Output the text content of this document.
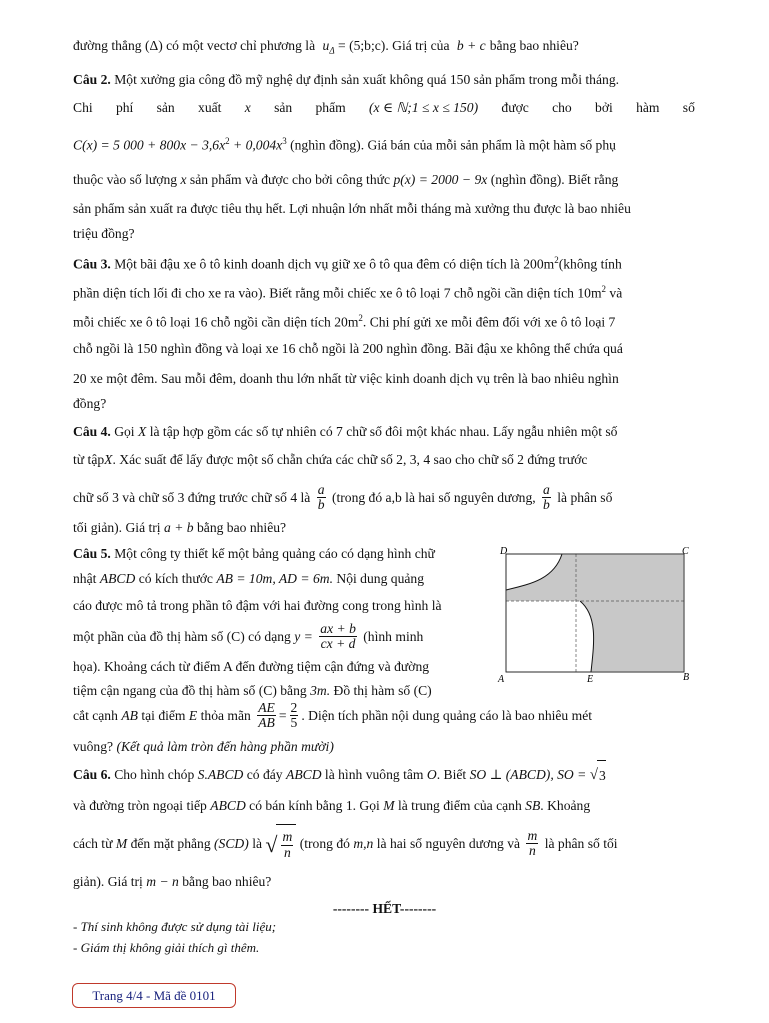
đường thẳng (Δ) có một vectơ chỉ phương là $u_\Delta$ = (5;b;c). Giá trị của b + c bằng bao nhiêu?
Câu 2. Một xưởng gia công đồ mỹ nghệ dự định sản xuất không quá 150 sản phẩm trong mỗi tháng.
Chi phí sản xuất x sản phẩm (x ∈ ℕ;1 ≤ x ≤ 150) được cho bởi hàm số
C(x) = 5 $000 + 800x - 3,6x^2 + 0,004x^3$ (nghìn đồng). Giá bán của mỗi sản phẩm là một hàm số phụ
thuộc vào số lượng x sản phẩm và được cho bởi công thức p(x) = 2000 − 9x (nghìn đồng). Biết rằng
sản phẩm sản xuất ra được tiêu thụ hết. Lợi nhuận lớn nhất mỗi tháng mà xưởng thu được là bao nhiêu
triệu đồng?
Câu 3. Một bãi đậu xe ô tô kinh doanh dịch vụ giữ xe ô tô qua đêm có diện tích là $200m^2(không$ tính
phần diện tích lối đi cho xe ra vào). Biết rằng mỗi chiếc xe ô tô loại 7 chỗ ngồi cần diện tích $10m^2$ và
mỗi chiếc xe ô tô loại 16 chỗ ngồi cần diện tích $20m^2$. Chi phí gửi xe mỗi đêm đối với xe ô tô loại 7
chỗ ngồi là 150 nghìn đồng và loại xe 16 chỗ ngồi là 200 nghìn đồng. Bãi đậu xe không thể chứa quá
20 xe một đêm. Sau mỗi đêm, doanh thu lớn nhất từ việc kinh doanh dịch vụ trên là bao nhiêu nghìn
đồng?
Câu 4. Gọi X là tập hợp gồm các số tự nhiên có 7 chữ số đôi một khác nhau. Lấy ngẫu nhiên một số
từ tậpX. Xác suất để lấy được một số chẵn chứa các chữ số 2, 3, 4 sao cho chữ số 2 đứng trước
chữ số 3 và chữ số 3 đứng trước chữ số 4 là $\frac{a}{b}$ (trong đó a,b là hai số nguyên dương, $\frac{a}{b}$ là phân số
tối giản). Giá trị a + b bằng bao nhiêu?
Câu 5. Một công ty thiết kế một bảng quảng cáo có dạng hình chữ
nhật ABCD có kích thước AB = 10m, AD = 6m. Nội dung quảng
cáo được mô tả trong phần tô đậm với hai đường cong trong hình là
một phần của đồ thị hàm số (C) có dạng $y = \frac{ax + b}{cx + d}$ (hình minh
họa). Khoảng cách từ điểm A đến đường tiệm cận đứng và đường
tiệm cận ngang của đồ thị hàm số (C) bằng 3m. Đồ thị hàm số (C)
cắt cạnh AB tại điểm E thỏa mãn $\frac{AE}{AB} = \frac{2}{5}$ . Diện tích phần nội dung quảng cáo là bao nhiêu mét
vuông? (Kết quả làm tròn đến hàng phần mười)
Câu 6. Cho hình chóp S.ABCD có đáy ABCD là hình vuông tâm O. Biết SO ⊥ (ABCD), SO = √ 3
và đường tròn ngoại tiếp ABCD có bán kính bằng 1. Gọi M là trung điểm của cạnh SB. Khoảng
cách từ M đến mặt phẳng (SCD) là √ $\frac{m}{n}$ (trong đó m,n là hai số nguyên dương và $\frac{m}{n}$ là phân số tối
giản). Giá trị m − n bằng bao nhiêu?
-------- HẾT--------
- Thí sinh không được sử dụng tài liệu;
- Giám thị không giải thích gì thêm.
D	C
A	E	B
Trang 4/4 - Mã đề 0101
